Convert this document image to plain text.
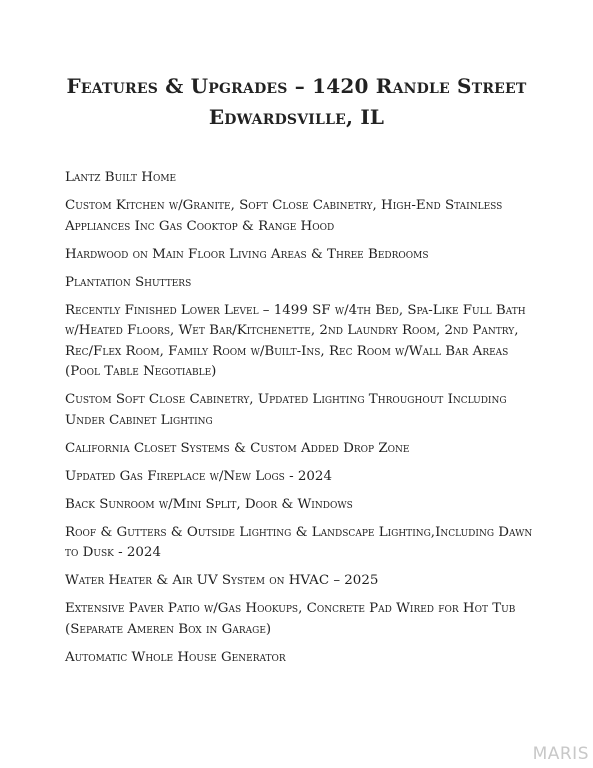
Features & Upgrades – 1420 Randle Street
Edwardsville, IL
Lantz Built Home
Custom Kitchen w/Granite, Soft Close Cabinetry, High-End Stainless Appliances Inc Gas Cooktop & Range Hood
Hardwood on Main Floor Living Areas & Three Bedrooms
Plantation Shutters
Recently Finished Lower Level – 1499 SF w/4th Bed, Spa-Like Full Bath w/Heated Floors, Wet Bar/Kitchenette, 2nd Laundry Room, 2nd Pantry, Rec/Flex Room, Family Room w/Built-Ins, Rec Room w/Wall Bar Areas (Pool Table Negotiable)
Custom Soft Close Cabinetry, Updated Lighting Throughout Including Under Cabinet Lighting
California Closet Systems & Custom Added Drop Zone
Updated Gas Fireplace w/New Logs - 2024
Back Sunroom w/Mini Split, Door & Windows
Roof & Gutters & Outside Lighting & Landscape Lighting,Including Dawn to Dusk - 2024
Water Heater & Air UV System on HVAC – 2025
Extensive Paver Patio w/Gas Hookups, Concrete Pad Wired for Hot Tub (Separate Ameren Box in Garage)
Automatic Whole House Generator
MARIS
